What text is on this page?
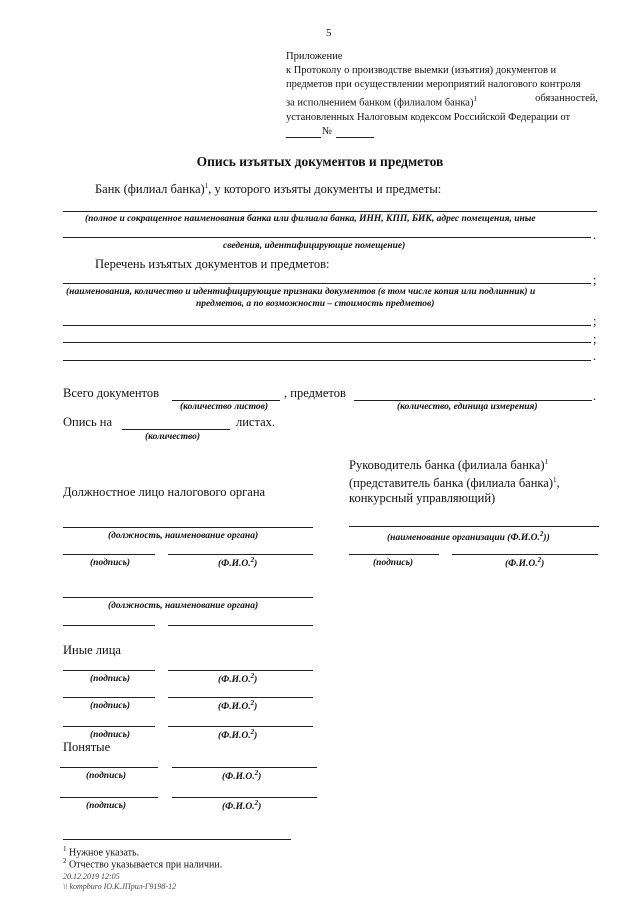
5
Приложение
к Протоколу о производстве выемки (изъятия) документов и
предметов при осуществлении мероприятий налогового контроля
за исполнением банком (филиалом банка)$^1$	обязанностей,
установленных Налоговым кодексом Российской Федерации от
№
Опись изъятых документов и предметов
Банк (филиал банка)$^1$, у которого изъяты документы и предметы:
(полное и сокращенное наименования банка или филиала банка, ИНН, КПП, БИК, адрес помещения, иные
.
сведения, идентифицирующие помещение)
Перечень изъятых документов и предметов:
;
(наименования, количество и идентифицирующие признаки документов (в том числе копия или подлинник) и
предметов, а по возможности – стоимость предметов)
;
;
.
Всего документов	, предметов	.
(количество листов)	(количество, единица измерения)
Опись на	листах.
(количество)
Руководитель банка (филиала банка)$^1$
(представитель банка (филиала банка)$^1$,
конкурсный управляющий)
Должностное лицо налогового органа
(должность, наименование органа)
(подпись)	(Ф.И.О.$^2$)
(наименование организации (Ф.И.О.$^2$))
(подпись)	(Ф.И.О.$^2$)
(должность, наименование органа)
Иные лица
(подпись)	(Ф.И.О.$^2$)
(подпись)	(Ф.И.О.$^2$)
(подпись)	(Ф.И.О.$^2$)
Понятые
(подпись)	(Ф.И.О.$^2$)
(подпись)	(Ф.И.О.$^2$)
$^1$ Нужное указать.
$^2$ Отчество указывается при наличии.
20.12.2019 12:05
\\ kompburo IO.K.JПрил-Г9198-12
